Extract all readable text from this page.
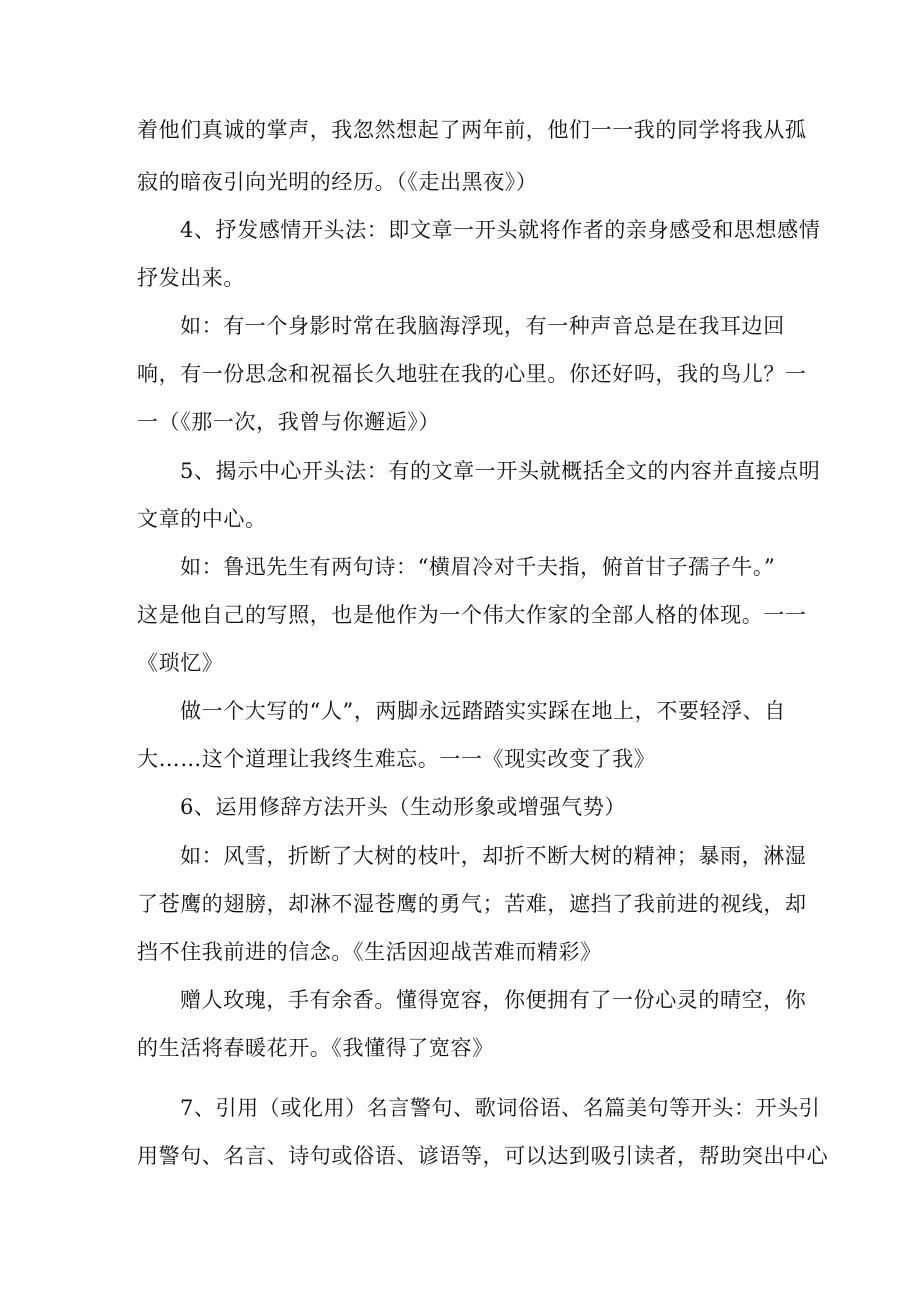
着他们真诚的掌声，我忽然想起了两年前，他们一一我的同学将我从孤
寂的暗夜引向光明的经历。（《走出黑夜》）
4、抒发感情开头法：即文章一开头就将作者的亲身感受和思想感情
抒发出来。
如：有一个身影时常在我脑海浮现，有一种声音总是在我耳边回
响，有一份思念和祝福长久地驻在我的心里。你还好吗，我的鸟儿？一
一（《那一次，我曾与你邂逅》）
5、揭示中心开头法：有的文章一开头就概括全文的内容并直接点明
文章的中心。
如：鲁迅先生有两句诗：“横眉冷对千夫指，俯首甘子孺子牛。”
这是他自己的写照，也是他作为一个伟大作家的全部人格的体现。一一
《琐忆》
做一个大写的“人”，两脚永远踏踏实实踩在地上，不要轻浮、自
大……这个道理让我终生难忘。一一《现实改变了我》
6、运用修辞方法开头（生动形象或增强气势）
如：风雪，折断了大树的枝叶，却折不断大树的精神；暴雨，淋湿
了苍鹰的翅膀，却淋不湿苍鹰的勇气；苦难，遮挡了我前进的视线，却
挡不住我前进的信念。《生活因迎战苦难而精彩》
赠人玫瑰，手有余香。懂得宽容，你便拥有了一份心灵的晴空，你
的生活将春暖花开。《我懂得了宽容》
7、引用（或化用）名言警句、歌词俗语、名篇美句等开头：开头引
用警句、名言、诗句或俗语、谚语等，可以达到吸引读者，帮助突出中心
